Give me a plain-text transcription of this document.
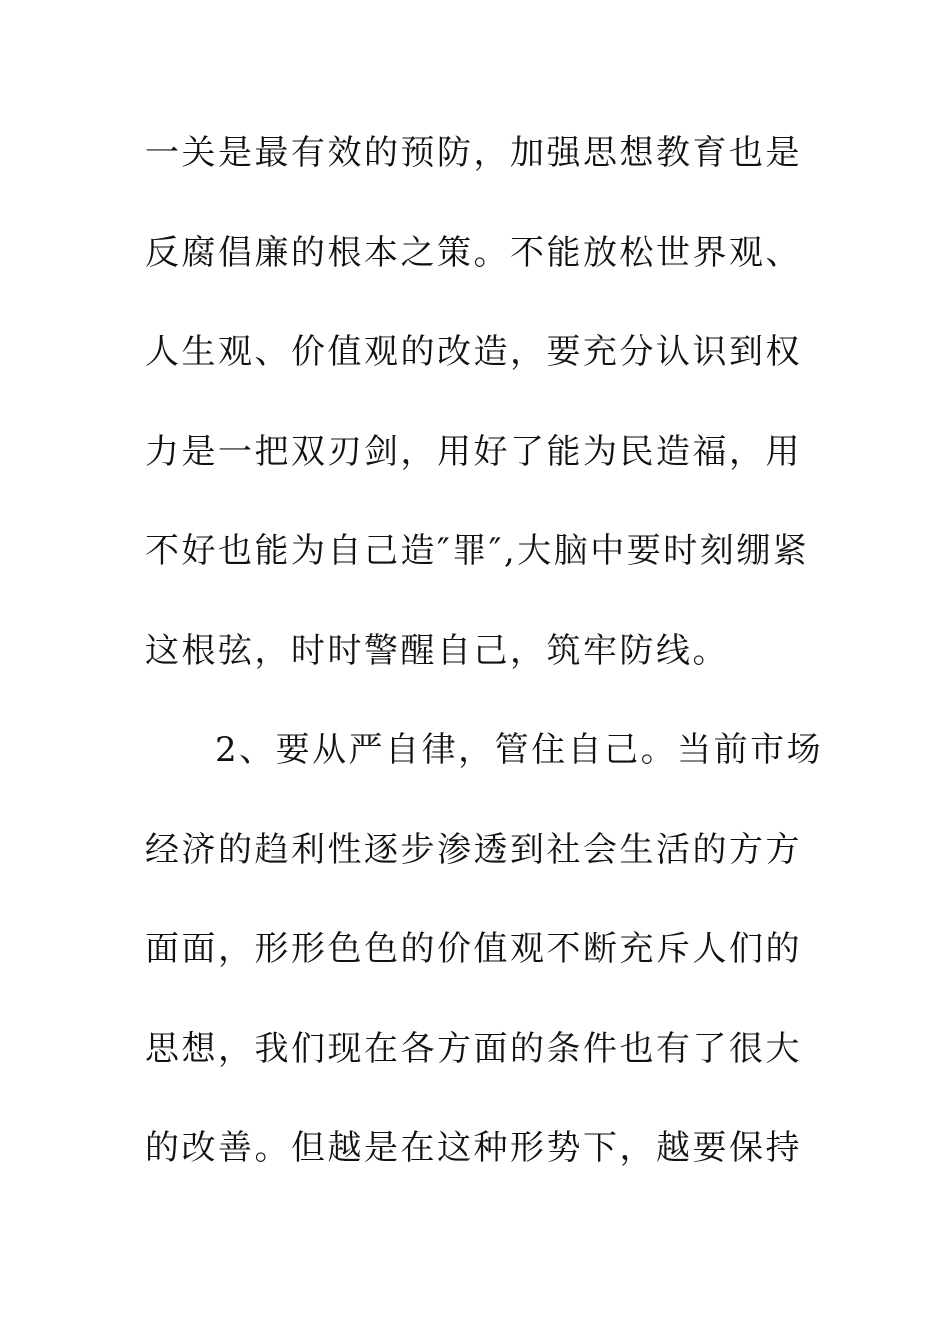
一关是最有效的预防，加强思想教育也是
反腐倡廉的根本之策。不能放松世界观、
人生观、价值观的改造，要充分认识到权
力是一把双刃剑，用好了能为民造福，用
不好也能为自己造″罪″,大脑中要时刻绷紧
这根弦，时时警醒自己，筑牢防线。
2、要从严自律，管住自己。当前市场
经济的趋利性逐步渗透到社会生活的方方
面面，形形色色的价值观不断充斥人们的
思想，我们现在各方面的条件也有了很大
的改善。但越是在这种形势下，越要保持
